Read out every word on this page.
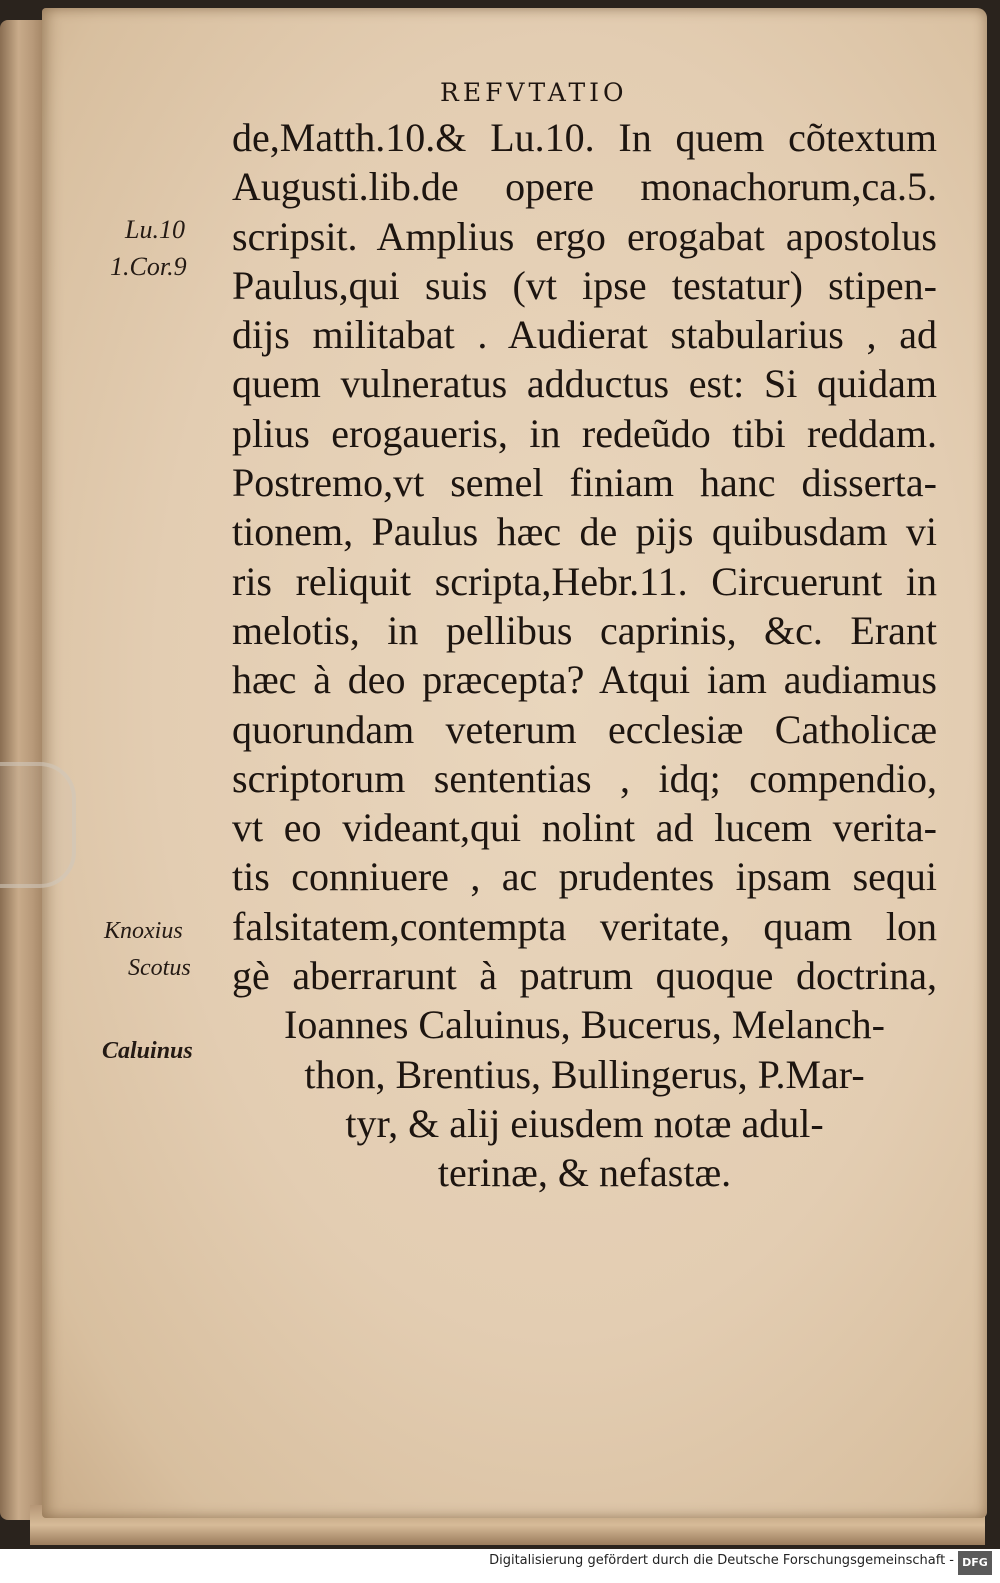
REFVTATIO
de,Matth.10.& Lu.10. In quem cõtextum
Augusti.lib.de opere monachorum,ca.5.
scripsit. Amplius ergo erogabat apostolus
Paulus,qui suis (vt ipse testatur) stipen-
dijs militabat . Audierat stabularius , ad
quem vulneratus adductus est: Si quidam
plius erogaueris, in redeũdo tibi reddam.
Postremo,vt semel finiam hanc disserta-
tionem, Paulus hæc de pijs quibusdam vi
ris reliquit scripta,Hebr.11. Circuerunt in
melotis, in pellibus caprinis, &c. Erant
hæc à deo præcepta? Atqui iam audiamus
quorundam veterum ecclesiæ Catholicæ
scriptorum sententias , idq; compendio,
vt eo videant,qui nolint ad lucem verita-
tis conniuere , ac prudentes ipsam sequi
falsitatem,contempta veritate, quam lon
gè aberrarunt à patrum quoque doctrina,
Ioannes Caluinus, Bucerus, Melanch-
thon, Brentius, Bullingerus, P.Mar-
tyr, & alij eiusdem notæ adul-
terinæ, & nefastæ.
Lu.10
1.Cor.9
Knoxius
Scotus
Caluinus
Digitalisierung gefördert durch die Deutsche Forschungsgemeinschaft - DFG
